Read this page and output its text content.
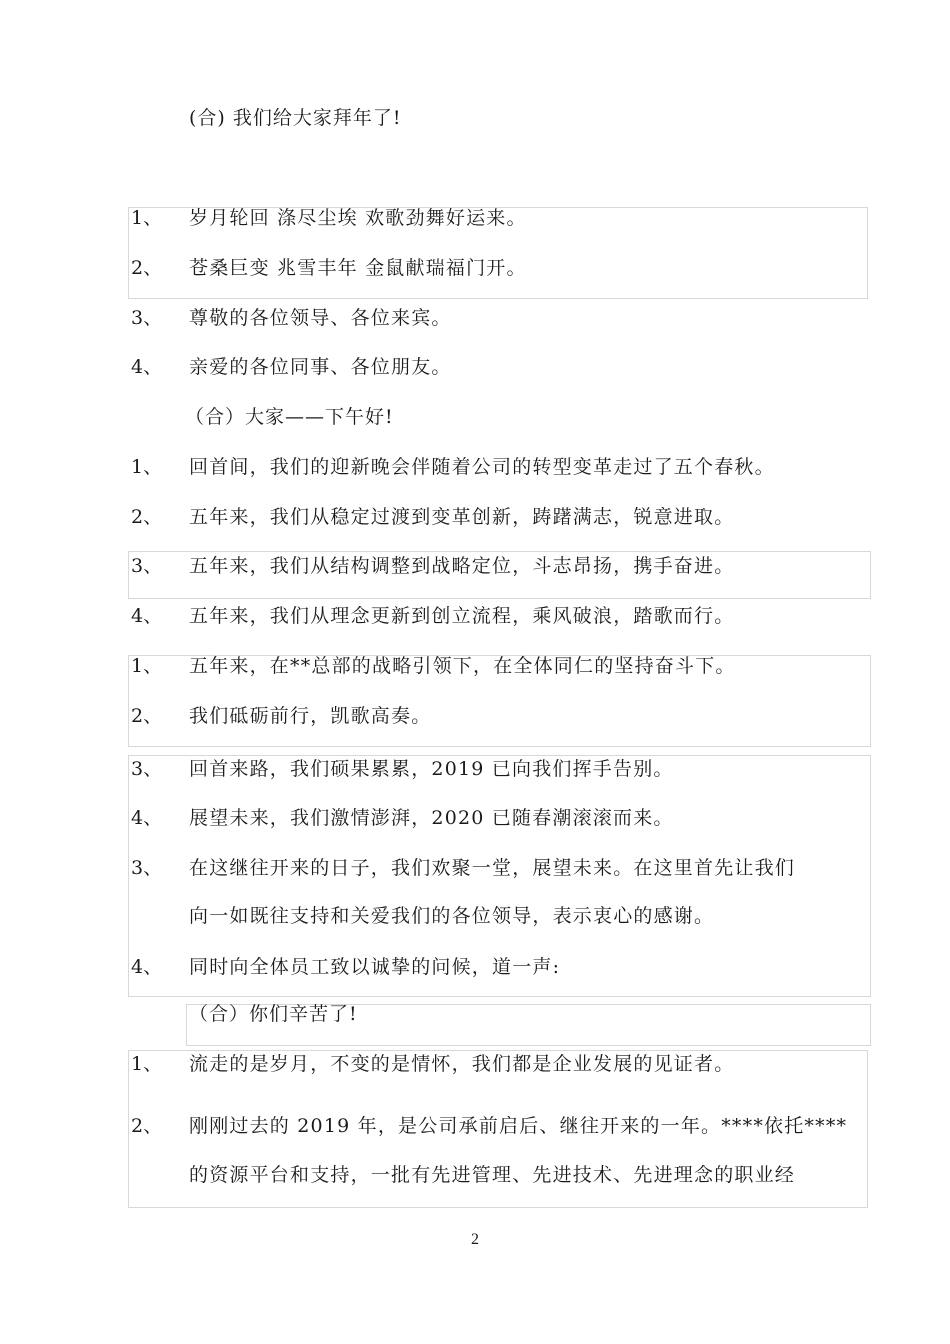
(合) 我们给大家拜年了!
1、 岁月轮回 涤尽尘埃 欢歌劲舞好运来。
2、 苍桑巨变 兆雪丰年 金鼠献瑞福门开。
3、 尊敬的各位领导、各位来宾。
4、 亲爱的各位同事、各位朋友。
（合）大家——下午好!
1、 回首间，我们的迎新晚会伴随着公司的转型变革走过了五个春秋。
2、 五年来，我们从稳定过渡到变革创新，踌躇满志，锐意进取。
3、 五年来，我们从结构调整到战略定位，斗志昂扬，携手奋进。
4、 五年来，我们从理念更新到创立流程，乘风破浪，踏歌而行。
1、 五年来，在**总部的战略引领下，在全体同仁的坚持奋斗下。
2、 我们砥砺前行，凯歌高奏。
3、 回首来路，我们硕果累累，2019 已向我们挥手告别。
4、 展望未来，我们激情澎湃，2020 已随春潮滚滚而来。
3、 在这继往开来的日子，我们欢聚一堂，展望未来。在这里首先让我们
向一如既往支持和关爱我们的各位领导，表示衷心的感谢。
4、 同时向全体员工致以诚挚的问候，道一声:
（合）你们辛苦了!
1、 流走的是岁月，不变的是情怀，我们都是企业发展的见证者。
2、 刚刚过去的 2019 年，是公司承前启后、继往开来的一年。****依托****
的资源平台和支持，一批有先进管理、先进技术、先进理念的职业经
2
